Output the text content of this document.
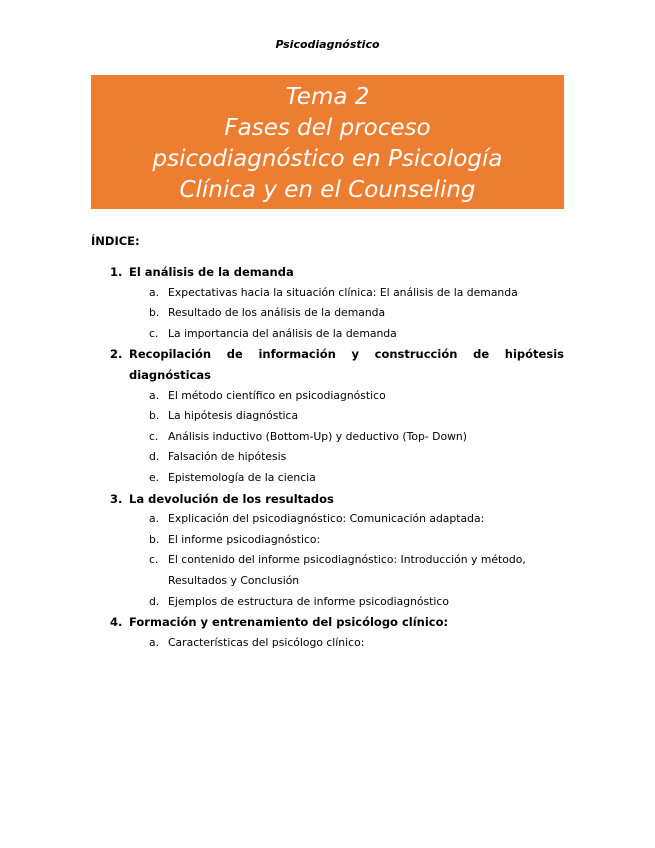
Psicodiagnóstico
Tema 2
Fases del proceso
psicodiagnóstico en Psicología
Clínica y en el Counseling
ÍNDICE:
1. El análisis de la demanda
a. Expectativas hacia la situación clínica: El análisis de la demanda
b. Resultado de los análisis de la demanda
c. La importancia del análisis de la demanda
2. Recopilación de información y construcción de hipótesis diagnósticas
a. El método científico en psicodiagnóstico
b. La hipótesis diagnóstica
c. Análisis inductivo (Bottom-Up) y deductivo (Top- Down)
d. Falsación de hipótesis
e. Epistemología de la ciencia
3. La devolución de los resultados
a. Explicación del psicodiagnóstico: Comunicación adaptada:
b. El informe psicodiagnóstico:
c. El contenido del informe psicodiagnóstico: Introducción y método, Resultados y Conclusión
d. Ejemplos de estructura de informe psicodiagnóstico
4. Formación y entrenamiento del psicólogo clínico:
a. Características del psicólogo clínico:
